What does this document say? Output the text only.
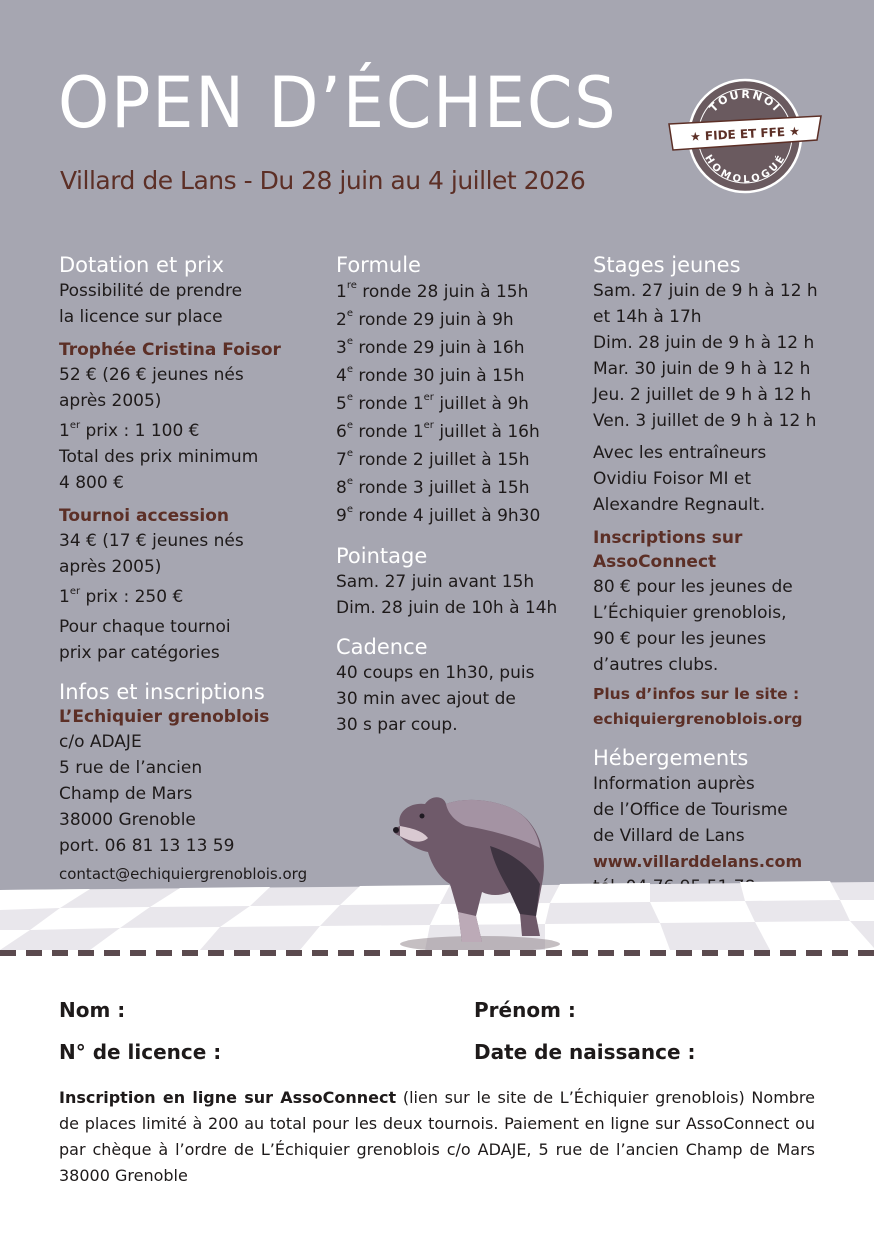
OPEN D’ÉCHECS
Villard de Lans - Du 28 juin au 4 juillet 2026
TOURNOI
HOMOLOGUÉ
★ FIDE ET FFE ★
Dotation et prix
Possibilité de prendre
la licence sur place
Trophée Cristina Foisor
52 € (26 € jeunes nés
après 2005)
1er prix : 1 100 €
Total des prix minimum
4 800 €
Tournoi accession
34 € (17 € jeunes nés
après 2005)
1er prix : 250 €
Pour chaque tournoi
prix par catégories
Infos et inscriptions
L’Echiquier grenoblois
c/o ADAJE
5 rue de l’ancien
Champ de Mars
38000 Grenoble
port. 06 81 13 13 59
contact@echiquiergrenoblois.org
Formule
1re ronde 28 juin à 15h
2e ronde 29 juin à 9h
3e ronde 29 juin à 16h
4e ronde 30 juin à 15h
5e ronde 1er juillet à 9h
6e ronde 1er juillet à 16h
7e ronde 2 juillet à 15h
8e ronde 3 juillet à 15h
9e ronde 4 juillet à 9h30
Pointage
Sam. 27 juin avant 15h
Dim. 28 juin de 10h à 14h
Cadence
40 coups en 1h30, puis
30 min avec ajout de
30 s par coup.
Stages jeunes
Sam. 27 juin de 9 h à 12 h
et 14h à 17h
Dim. 28 juin de 9 h à 12 h
Mar. 30 juin de 9 h à 12 h
Jeu. 2 juillet de 9 h à 12 h
Ven. 3 juillet de 9 h à 12 h
Avec les entraîneurs
Ovidiu Foisor MI et
Alexandre Regnault.
Inscriptions sur
AssoConnect
80 € pour les jeunes de
L’Échiquier grenoblois,
90 € pour les jeunes
d’autres clubs.
Plus d’infos sur le site :
echiquiergrenoblois.org
Hébergements
Information auprès
de l’Office de Tourisme
de Villard de Lans
www.villarddelans.com
Nom :	Prénom :
N° de licence :	Date de naissance :
Inscription en ligne sur AssoConnect (lien sur le site de L’Échiquier grenoblois) Nombre de places limité à 200 au total pour les deux tournois. Paiement en ligne sur AssoConnect ou par chèque à l’ordre de L’Échiquier grenoblois c/o ADAJE, 5 rue de l’ancien Champ de Mars 38000 Grenoble
